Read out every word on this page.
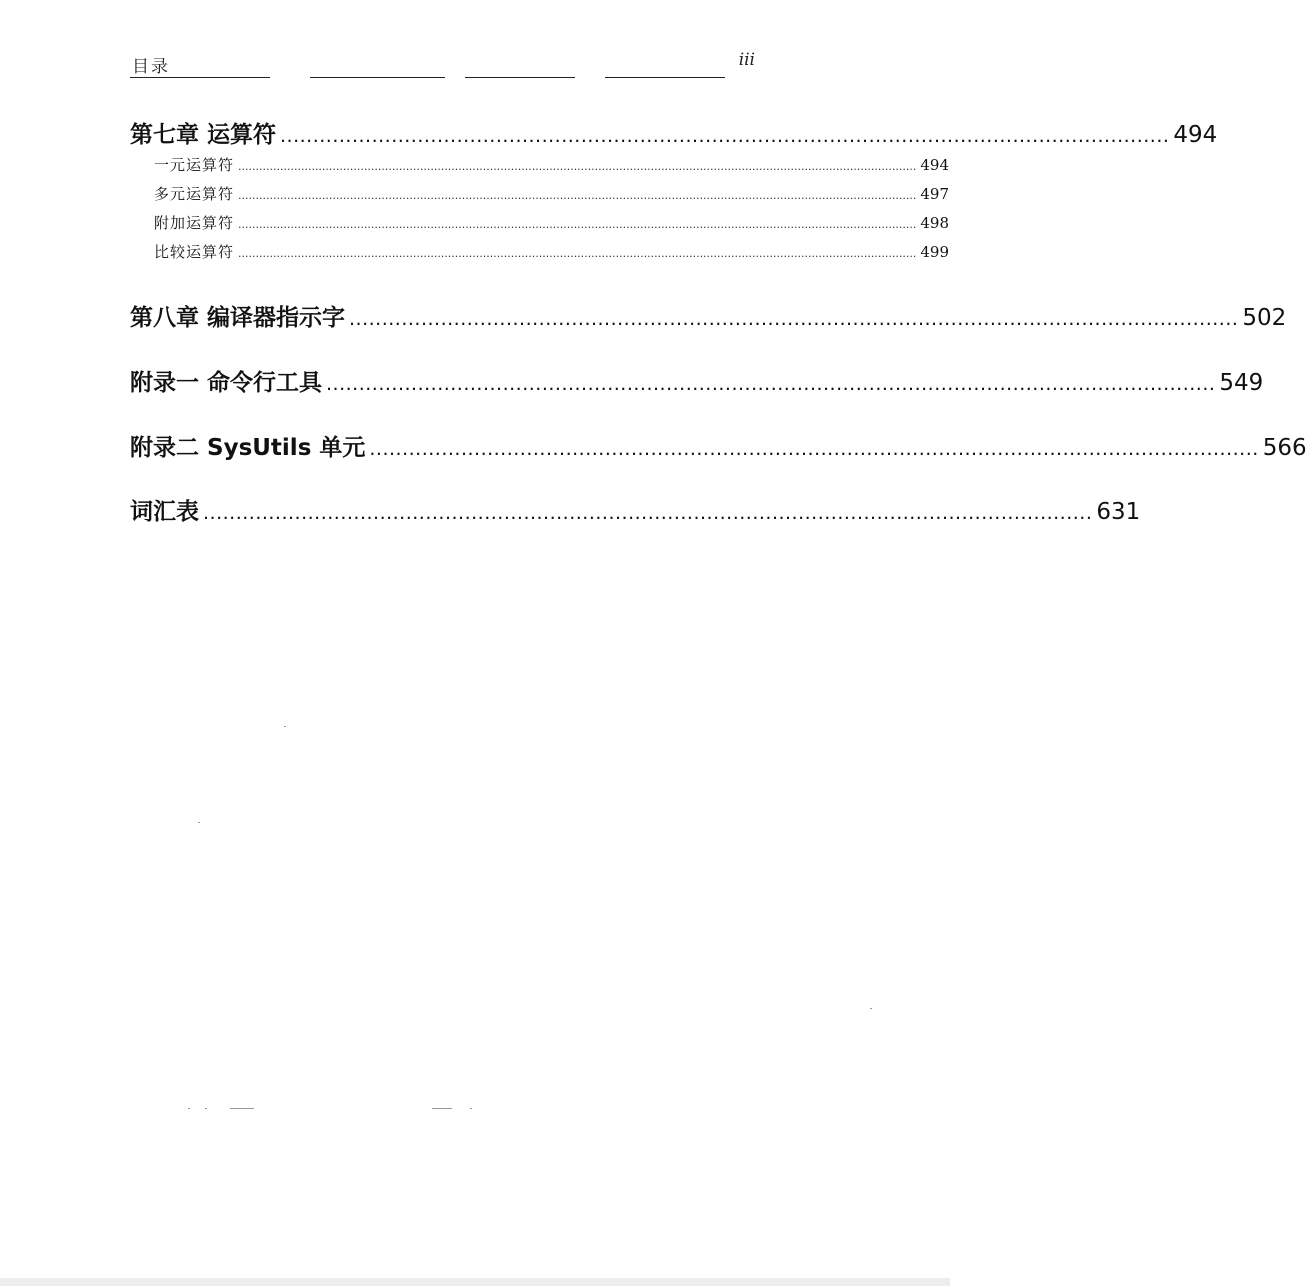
目录	iii
第七章 运算符 ........................................................................................................................................ 494
一元运算符 .................................................................................................................................................................................................. 494
多元运算符 .................................................................................................................................................................................................. 497
附加运算符 .................................................................................................................................................................................................. 498
比较运算符 .................................................................................................................................................................................................. 499
第八章 编译器指示字 ........................................................................................................................................ 502
附录一 命令行工具 ........................................................................................................................................ 549
附录二 SysUtils 单元 ........................................................................................................................................ 566
词汇表 ........................................................................................................................................ 631
